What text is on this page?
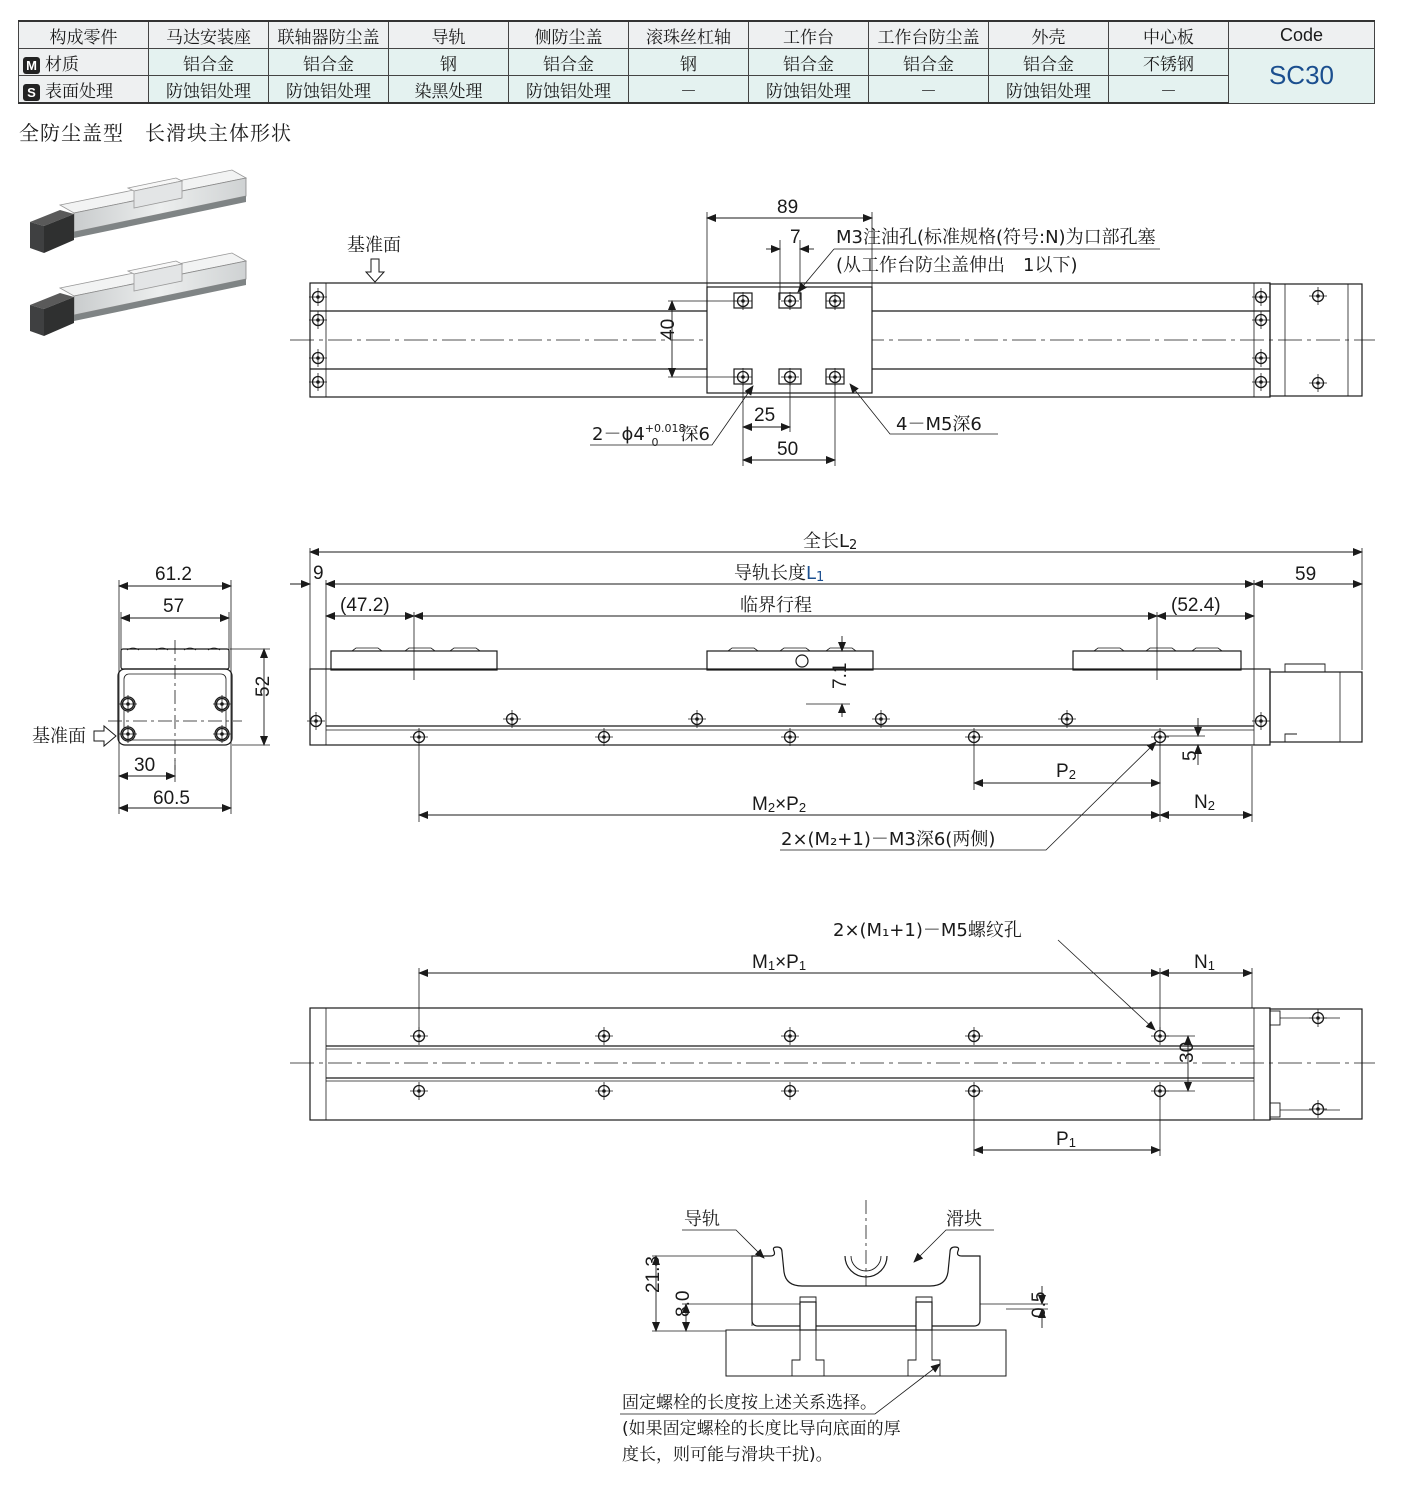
构成零件	马达安装座	联轴器防尘盖	导轨	侧防尘盖	滚珠丝杠轴	工作台	工作台防尘盖	外壳	中心板	Code
M 材质	铝合金	铝合金	钢	铝合金	钢	铝合金	铝合金	铝合金	不锈钢	SC30
S 表面处理	防蚀铝处理	防蚀铝处理	染黑处理	防蚀铝处理	－	防蚀铝处理	－	防蚀铝处理	－	
全防尘盖型　长滑块主体形状
基准面
89
7
40
25
50
M3注油孔(标准规格(符号:N)为口部孔塞
(从工作台防尘盖伸出　1以下)
$2-\phi 4^{+0.018}$ 0 深6	4－M5深6
61.2
57
52
30
60.5
基准面
全长L2
导轨长度L1
9	59
(47.2)	临界行程	(52.4)
7.1
5
P2
M2×P2	N2
2×(M₂+1)－M3深6(两侧)
2×(M₁+1)－M5螺纹孔
M1×P1	N1
30
P1
导轨	滑块
21.3
8.0	0.5
固定螺栓的长度按上述关系选择。
(如果固定螺栓的长度比导向底面的厚
度长，则可能与滑块干扰)。
